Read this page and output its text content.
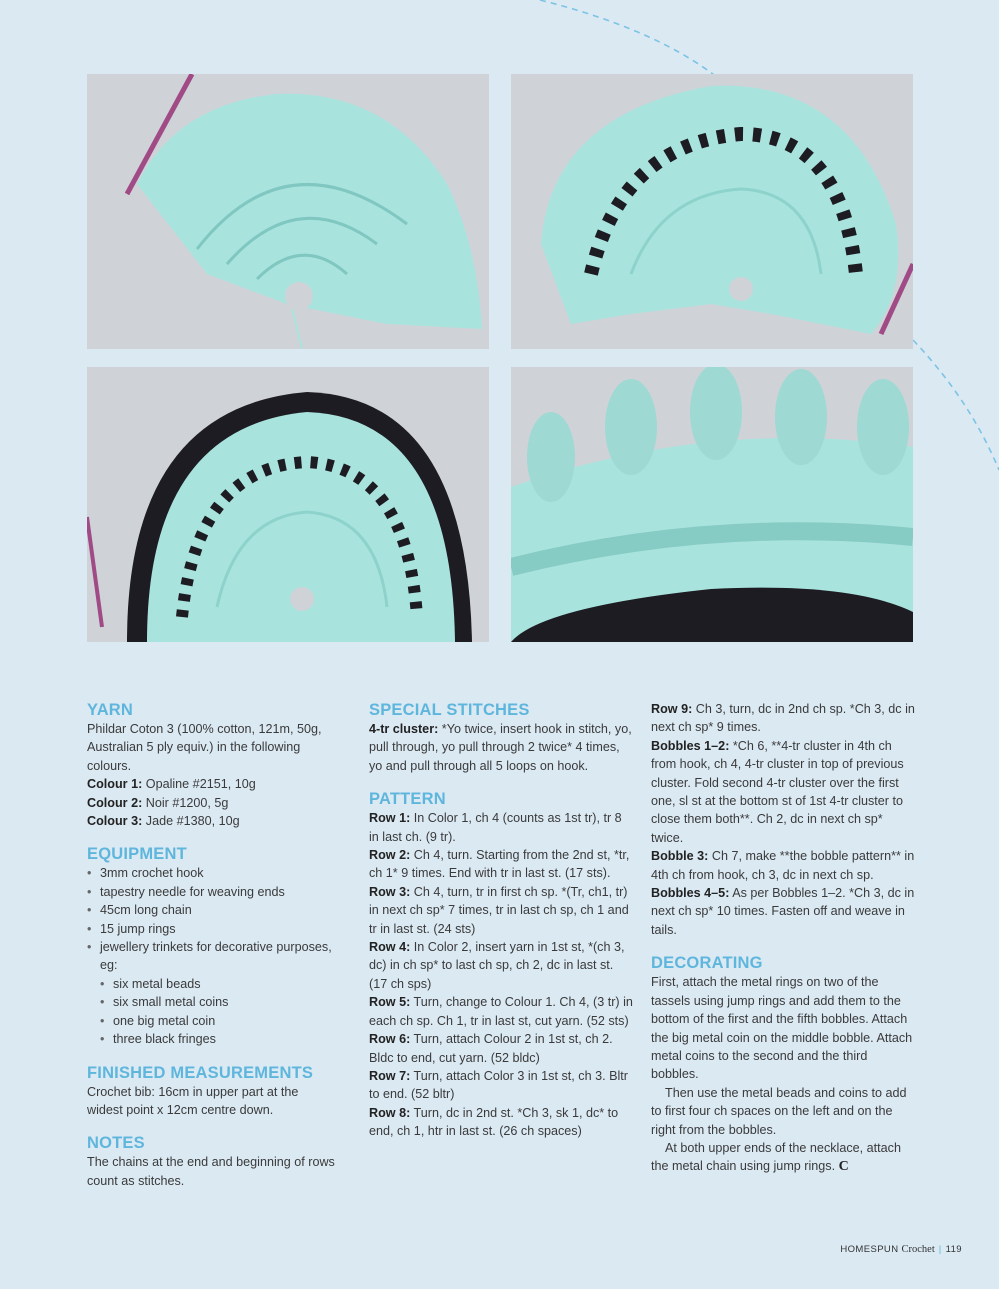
YARN

Phildar Coton 3 (100% cotton, 121m, 50g, Australian 5 ply equiv.) in the following colours.

Colour 1: Opaline #2151, 10g

Colour 2: Noir #1200, 5g

Colour 3: Jade #1380, 10g

EQUIPMENT
• 3mm crochet hook
• tapestry needle for weaving ends
• 45cm long chain
• 15 jump rings
• jewellery trinkets for decorative purposes, eg:
• six metal beads
• six small metal coins
• one big metal coin
• three black fringes
FINISHED MEASUREMENTS

Crochet bib: 16cm in upper part at the widest point x 12cm centre down.

NOTES

The chains at the end and beginning of rows count as stitches.

SPECIAL STITCHES

4-tr cluster: *Yo twice, insert hook in stitch, yo, pull through, yo pull through 2 twice* 4 times, yo and pull through all 5 loops on hook.

PATTERN

Row 1: In Color 1, ch 4 (counts as 1st tr), tr 8 in last ch. (9 tr).

Row 2: Ch 4, turn. Starting from the 2nd st, *tr, ch 1* 9 times. End with tr in last st. (17 sts).

Row 3: Ch 4, turn, tr in first ch sp. *(Tr, ch1, tr) in next ch sp* 7 times, tr in last ch sp, ch 1 and tr in last st. (24 sts)

Row 4: In Color 2, insert yarn in 1st st, *(ch 3, dc) in ch sp* to last ch sp, ch 2, dc in last st. (17 ch sps)

Row 5: Turn, change to Colour 1. Ch 4, (3 tr) in each ch sp. Ch 1, tr in last st, cut yarn. (52 sts)

Row 6: Turn, attach Colour 2 in 1st st, ch 2. Bldc to end, cut yarn. (52 bldc)

Row 7: Turn, attach Color 3 in 1st st, ch 3. Bltr to end. (52 bltr)

Row 8: Turn, dc in 2nd st. *Ch 3, sk 1, dc* to end, ch 1, htr in last st. (26 ch spaces)

Row 9: Ch 3, turn, dc in 2nd ch sp. *Ch 3, dc in next ch sp* 9 times.

Bobbles 1–2: *Ch 6, **4-tr cluster in 4th ch from hook, ch 4, 4-tr cluster in top of previous cluster. Fold second 4-tr cluster over the first one, sl st at the bottom st of 1st 4-tr cluster to close them both**. Ch 2, dc in next ch sp* twice.

Bobble 3: Ch 7, make **the bobble pattern** in 4th ch from hook, ch 3, dc in next ch sp.

Bobbles 4–5: As per Bobbles 1–2. *Ch 3, dc in next ch sp* 10 times. Fasten off and weave in tails.

DECORATING

First, attach the metal rings on two of the tassels using jump rings and add them to the bottom of the first and the fifth bobbles. Attach the big metal coin on the middle bobble. Attach metal coins to the second and the third bobbles.

Then use the metal beads and coins to add to first four ch spaces on the left and on the right from the bobbles.

At both upper ends of the necklace, attach the metal chain using jump rings. C

HOMESPUN Crochet | 119
